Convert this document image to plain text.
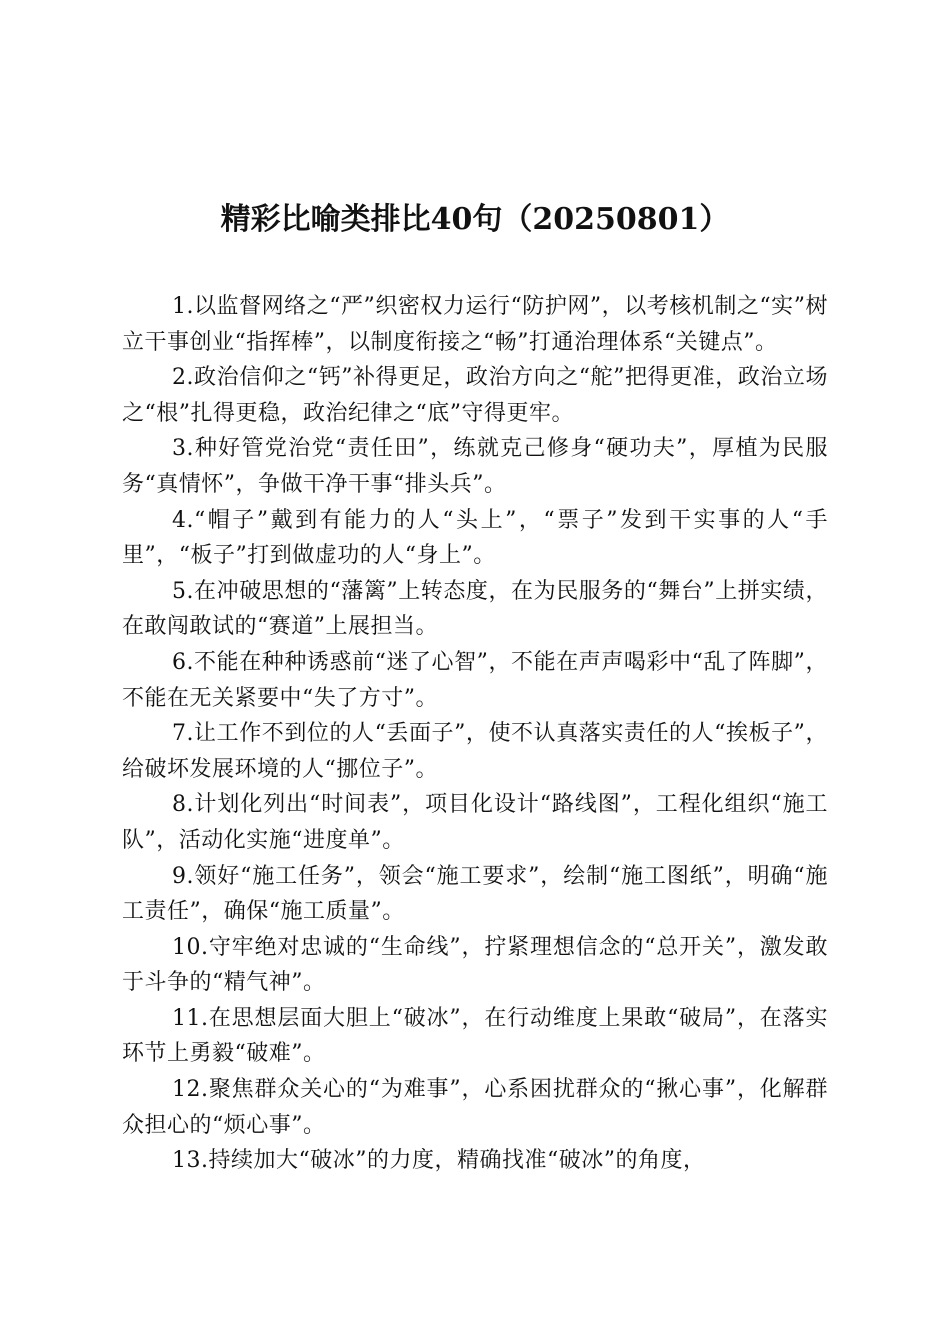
精彩比喻类排比40句（20250801）

1.以监督网络之“严”织密权力运行“防护网”，以考核机制之“实”树立干事创业“指挥棒”，以制度衔接之“畅”打通治理体系“关键点”。

2.政治信仰之“钙”补得更足，政治方向之“舵”把得更准，政治立场之“根”扎得更稳，政治纪律之“底”守得更牢。

3.种好管党治党“责任田”，练就克己修身“硬功夫”，厚植为民服务“真情怀”，争做干净干事“排头兵”。

4.“帽子”戴到有能力的人“头上”，“票子”发到干实事的人“手里”，“板子”打到做虚功的人“身上”。

5.在冲破思想的“藩篱”上转态度，在为民服务的“舞台”上拼实绩，在敢闯敢试的“赛道”上展担当。

6.不能在种种诱惑前“迷了心智”，不能在声声喝彩中“乱了阵脚”，不能在无关紧要中“失了方寸”。

7.让工作不到位的人“丢面子”，使不认真落实责任的人“挨板子”，给破坏发展环境的人“挪位子”。

8.计划化列出“时间表”，项目化设计“路线图”，工程化组织“施工队”，活动化实施“进度单”。

9.领好“施工任务”，领会“施工要求”，绘制“施工图纸”，明确“施工责任”，确保“施工质量”。

10.守牢绝对忠诚的“生命线”，拧紧理想信念的“总开关”，激发敢于斗争的“精气神”。

11.在思想层面大胆上“破冰”，在行动维度上果敢“破局”，在落实环节上勇毅“破难”。

12.聚焦群众关心的“为难事”，心系困扰群众的“揪心事”，化解群众担心的“烦心事”。

13.持续加大“破冰”的力度，精确找准“破冰”的角度，
